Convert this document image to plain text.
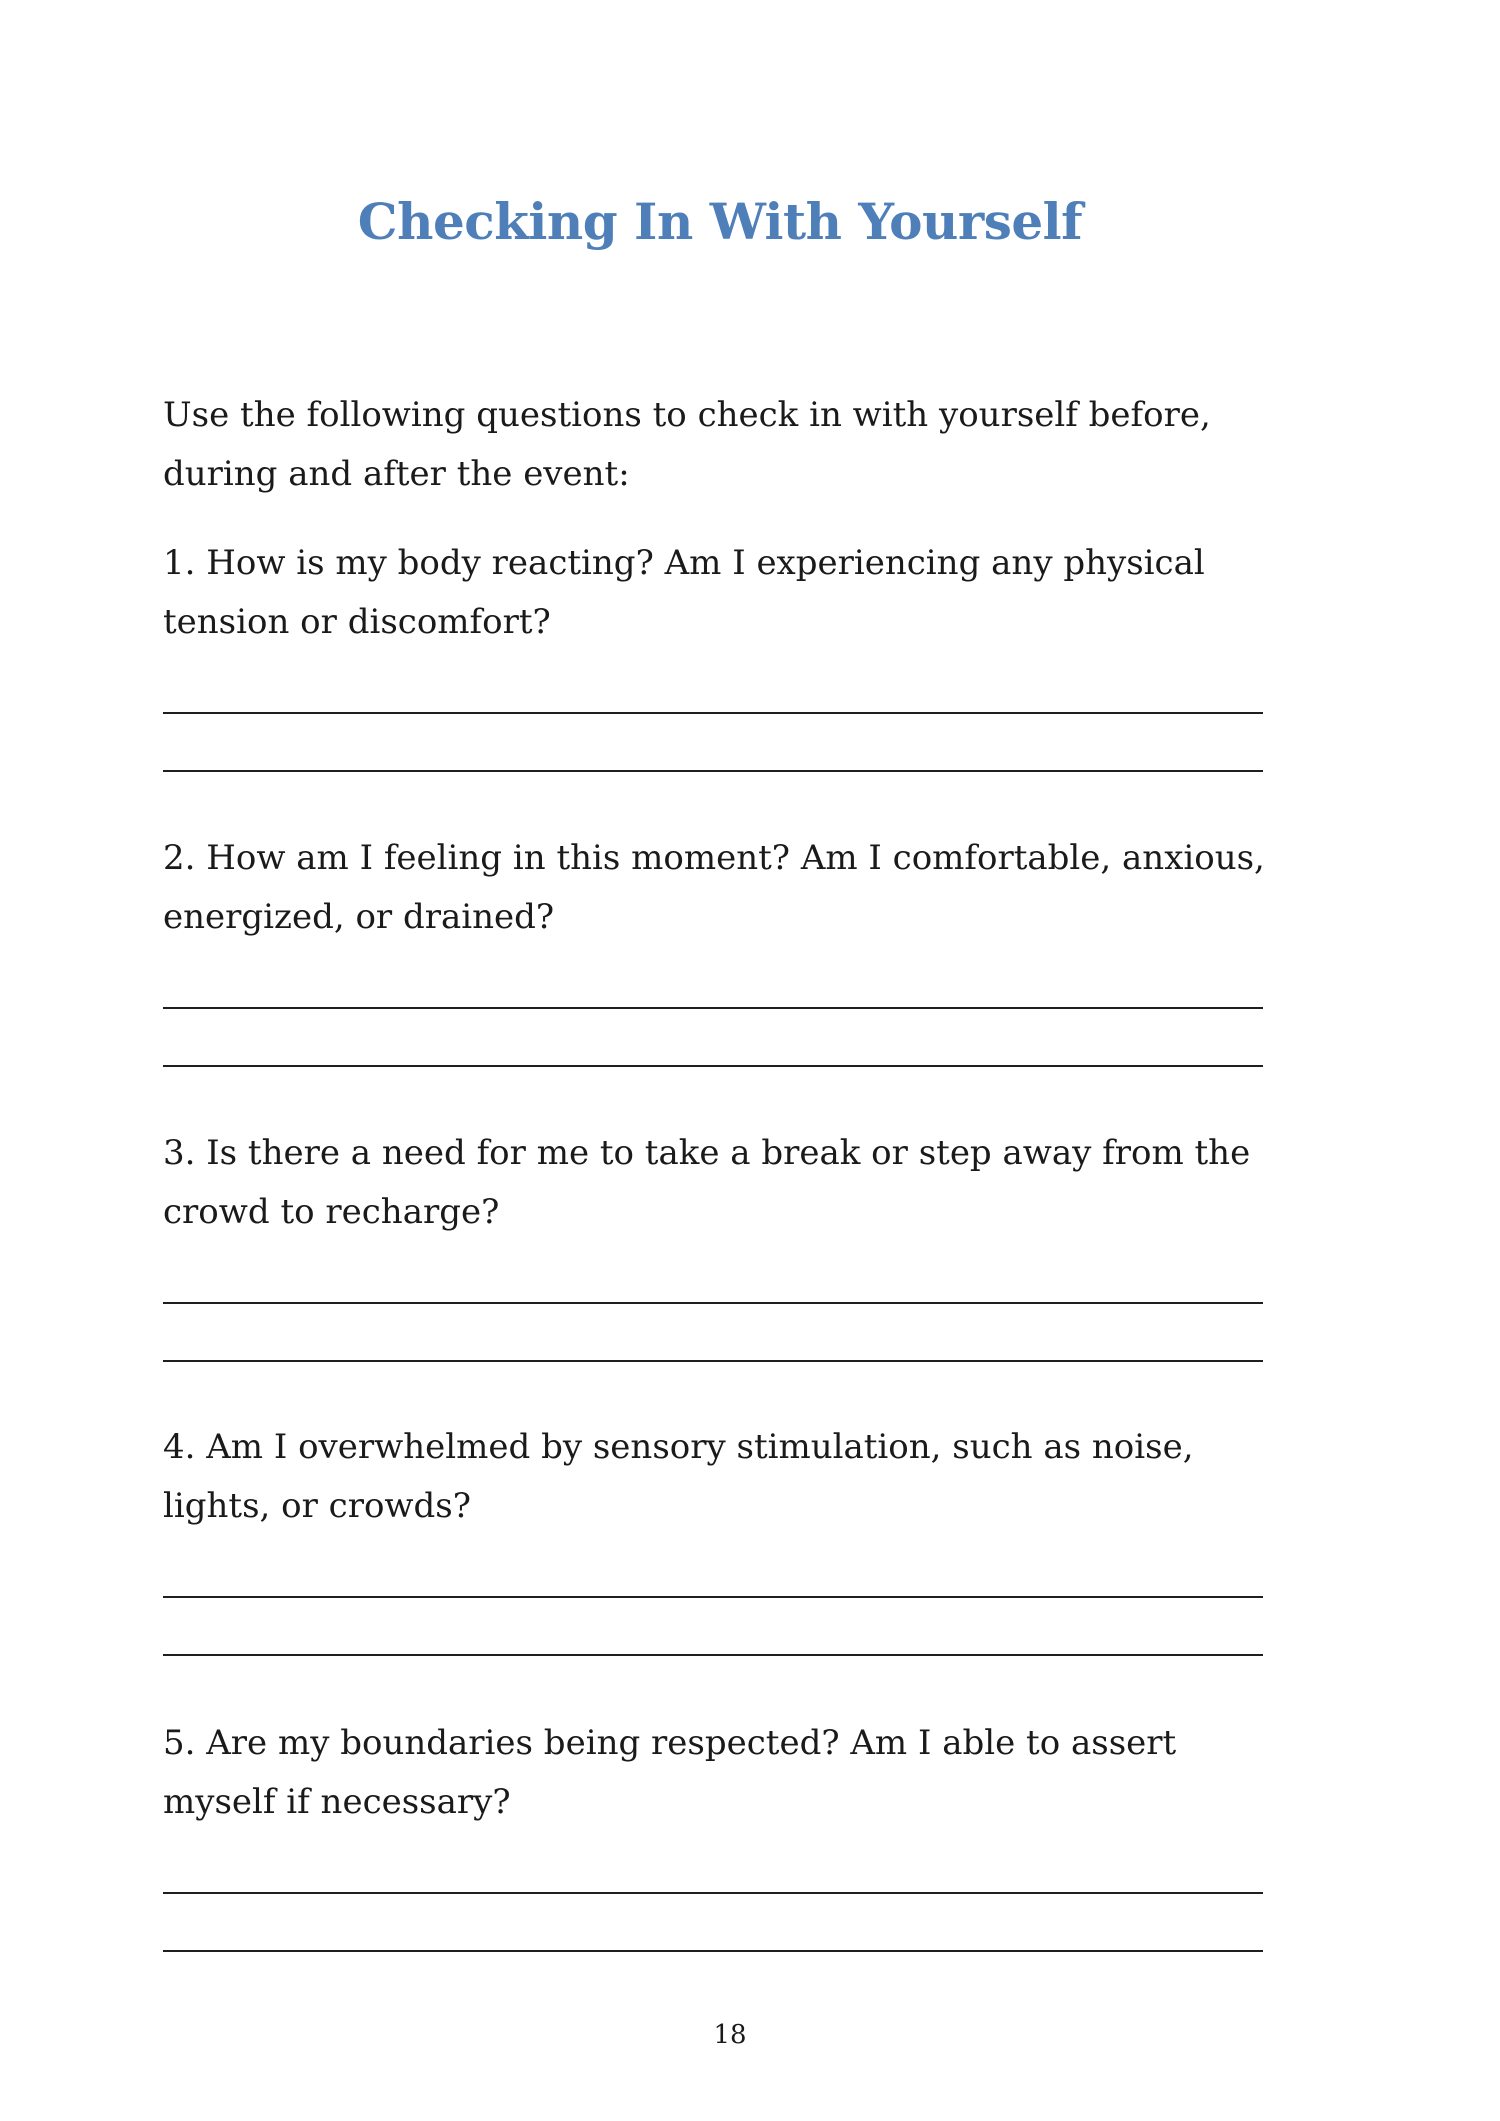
Checking In With Yourself

Use the following questions to check in with yourself before, during and after the event:

1. How is my body reacting? Am I experiencing any physical tension or discomfort?

2. How am I feeling in this moment? Am I comfortable, anxious, energized, or drained?

3. Is there a need for me to take a break or step away from the crowd to recharge?

4. Am I overwhelmed by sensory stimulation, such as noise, lights, or crowds?

5. Are my boundaries being respected? Am I able to assert myself if necessary?

18
